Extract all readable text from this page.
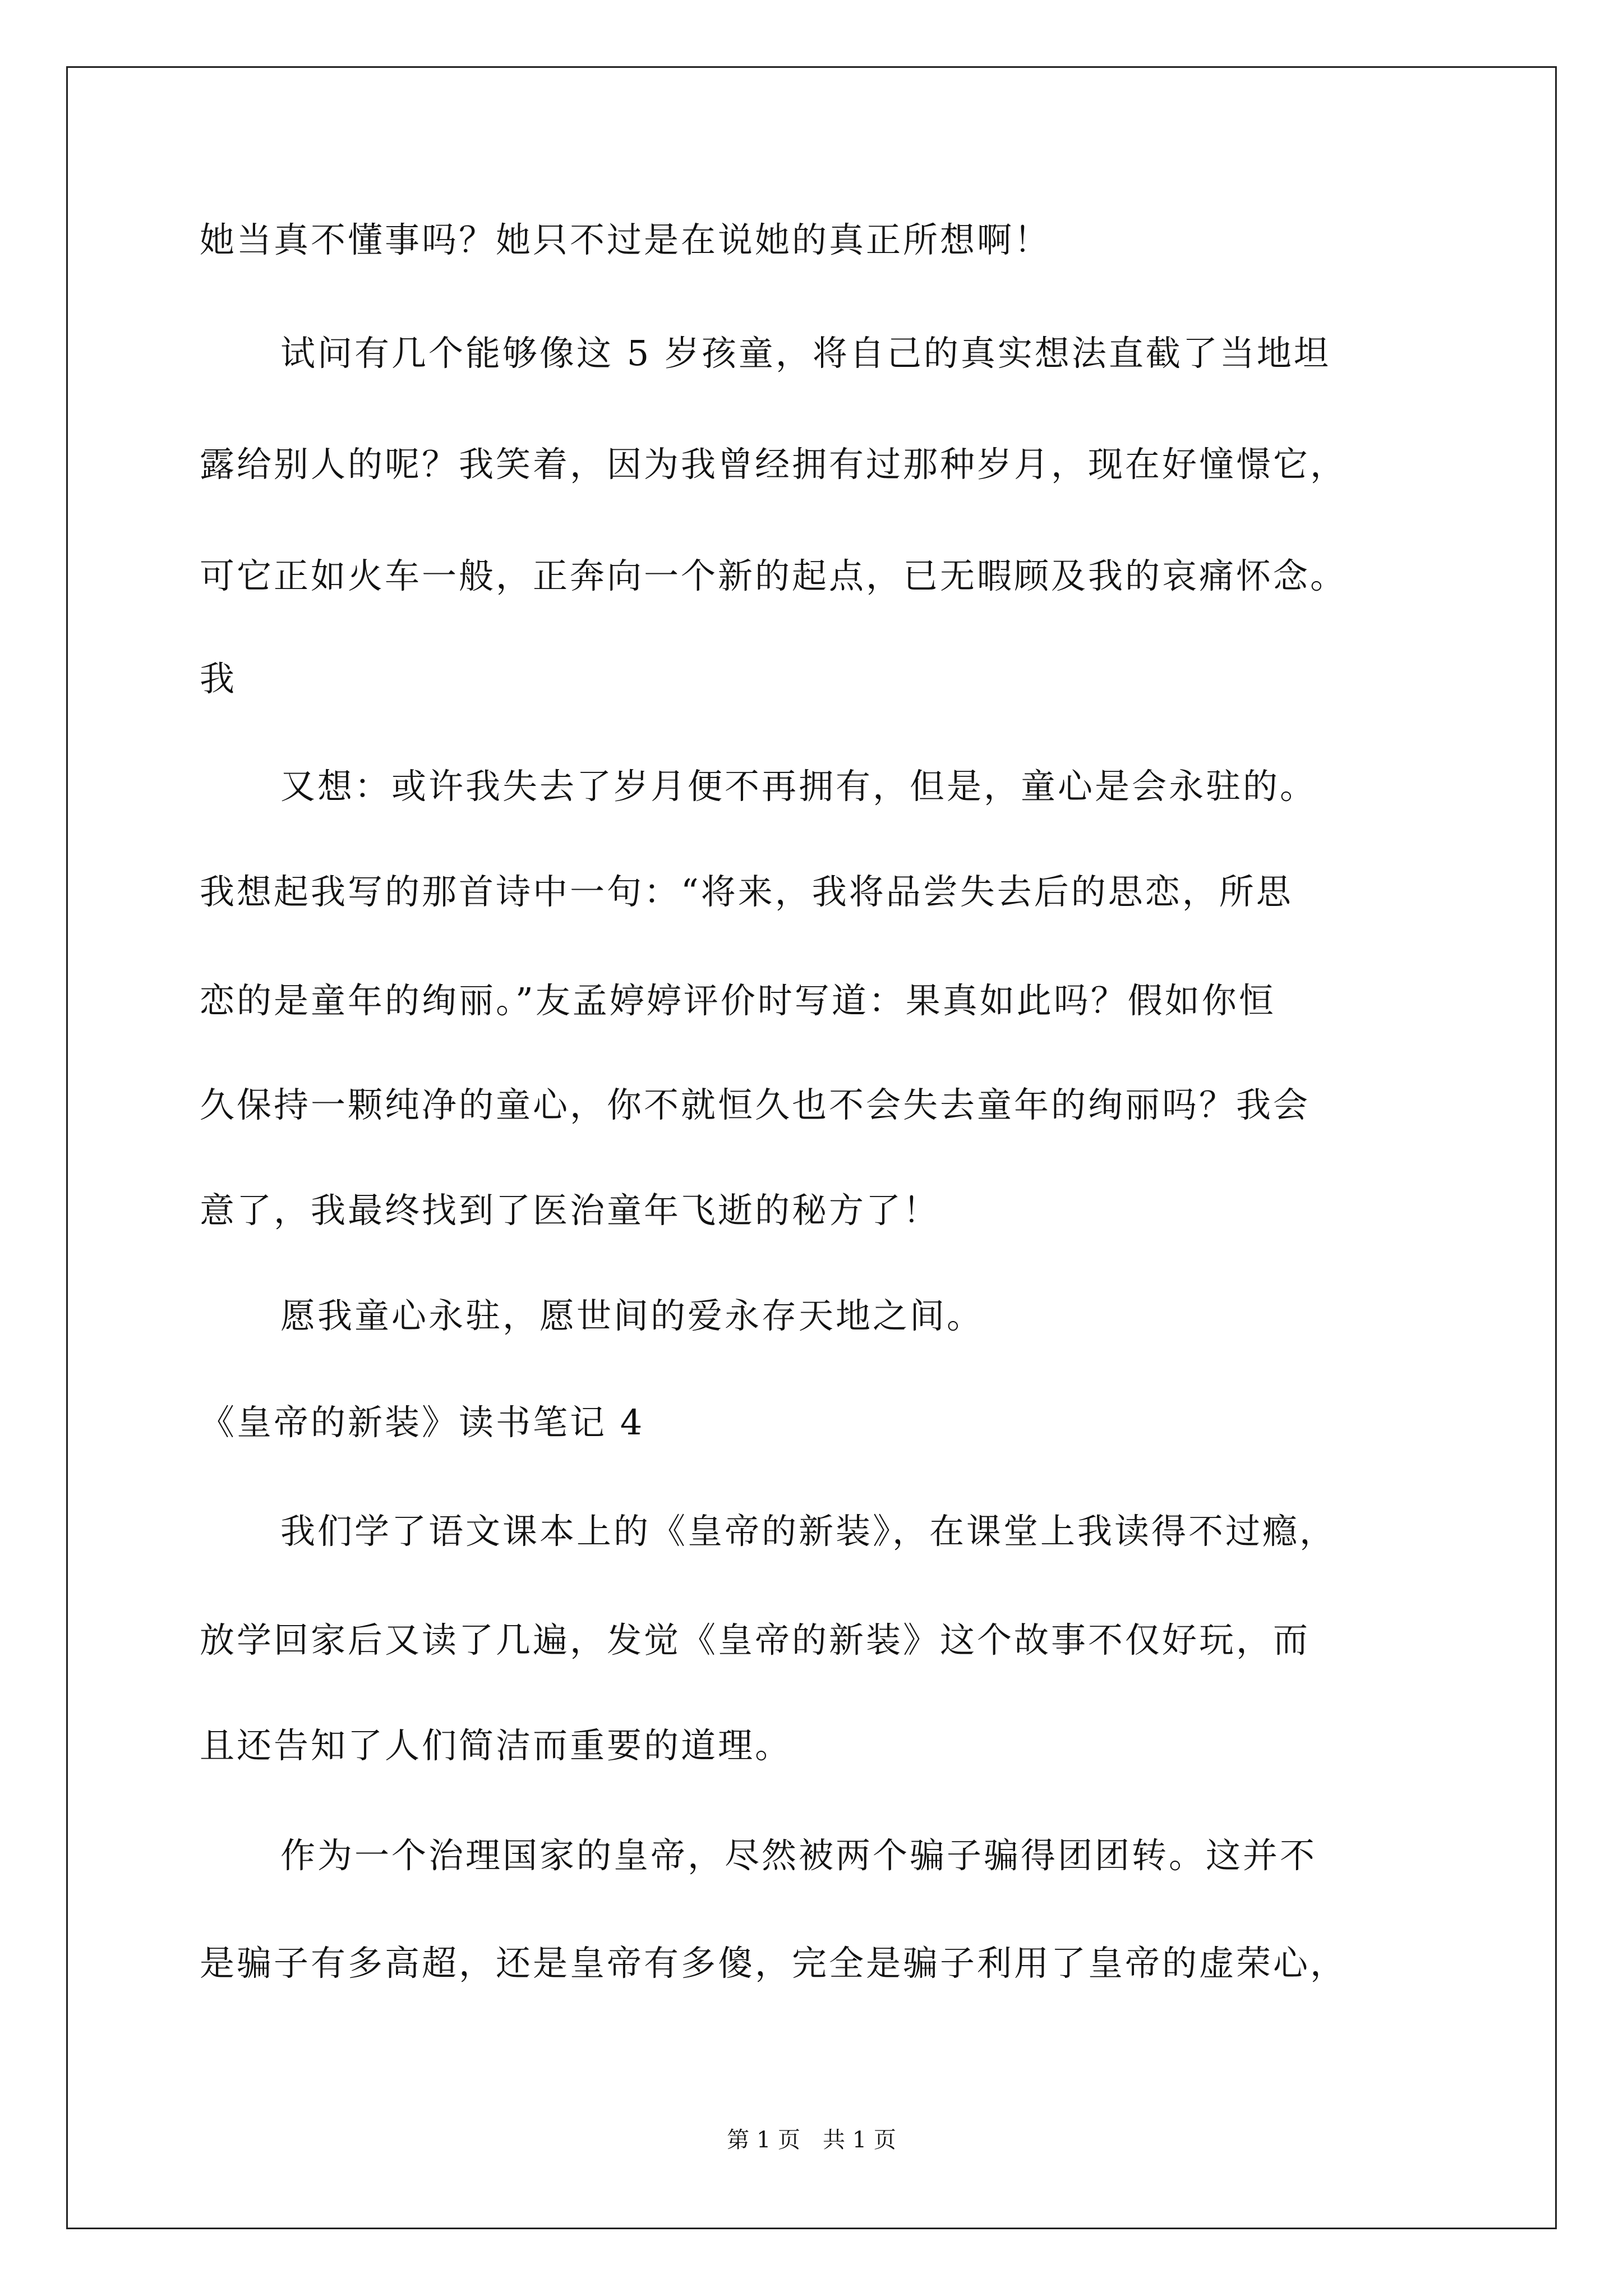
她当真不懂事吗？她只不过是在说她的真正所想啊！
试问有几个能够像这 5 岁孩童，将自己的真实想法直截了当地坦
露给别人的呢？我笑着，因为我曾经拥有过那种岁月，现在好憧憬它，
可它正如火车一般，正奔向一个新的起点，已无暇顾及我的哀痛怀念。
我
又想：或许我失去了岁月便不再拥有，但是，童心是会永驻的。
我想起我写的那首诗中一句：“将来，我将品尝失去后的思恋，所思
恋的是童年的绚丽。”友孟婷婷评价时写道：果真如此吗？假如你恒
久保持一颗纯净的童心，你不就恒久也不会失去童年的绚丽吗？我会
意了，我最终找到了医治童年飞逝的秘方了！
愿我童心永驻，愿世间的爱永存天地之间。
《皇帝的新装》读书笔记 4
我们学了语文课本上的《皇帝的新装》，在课堂上我读得不过瘾，
放学回家后又读了几遍，发觉《皇帝的新装》这个故事不仅好玩，而
且还告知了人们简洁而重要的道理。
作为一个治理国家的皇帝，尽然被两个骗子骗得团团转。这并不
是骗子有多高超，还是皇帝有多傻，完全是骗子利用了皇帝的虚荣心，
第 1 页 共 1 页
